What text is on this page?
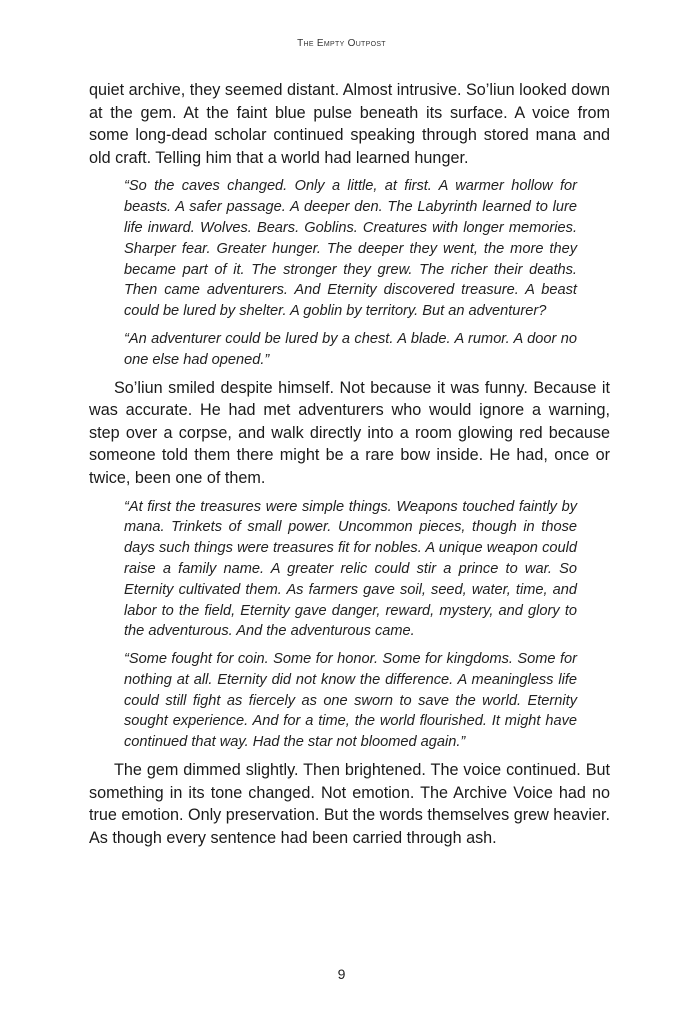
The Empty Outpost

quiet archive, they seemed distant. Almost intrusive. So’liun looked down at the gem. At the faint blue pulse beneath its surface. A voice from some long-dead scholar continued speaking through stored mana and old craft. Telling him that a world had learned hunger.

“So the caves changed. Only a little, at first. A warmer hollow for beasts. A safer passage. A deeper den. The Labyrinth learned to lure life inward. Wolves. Bears. Goblins. Creatures with longer memories. Sharper fear. Greater hunger. The deeper they went, the more they became part of it. The stronger they grew. The richer their deaths. Then came adventurers. And Eternity discovered treasure. A beast could be lured by shelter. A goblin by territory. But an adventurer?
“An adventurer could be lured by a chest. A blade. A rumor. A door no one else had opened.”

So’liun smiled despite himself. Not because it was funny. Because it was accurate. He had met adventurers who would ignore a warning, step over a corpse, and walk directly into a room glowing red because someone told them there might be a rare bow inside. He had, once or twice, been one of them.

“At first the treasures were simple things. Weapons touched faintly by mana. Trinkets of small power. Uncommon pieces, though in those days such things were treasures fit for nobles. A unique weapon could raise a family name. A greater relic could stir a prince to war. So Eternity cultivated them. As farmers gave soil, seed, water, time, and labor to the field, Eternity gave danger, reward, mystery, and glory to the adventurous. And the adventurous came.
“Some fought for coin. Some for honor. Some for kingdoms. Some for nothing at all. Eternity did not know the difference. A meaningless life could still fight as fiercely as one sworn to save the world. Eternity sought experience. And for a time, the world flourished. It might have continued that way. Had the star not bloomed again.”

The gem dimmed slightly. Then brightened. The voice continued. But something in its tone changed. Not emotion. The Archive Voice had no true emotion. Only preservation. But the words themselves grew heavier. As though every sentence had been carried through ash.

9
